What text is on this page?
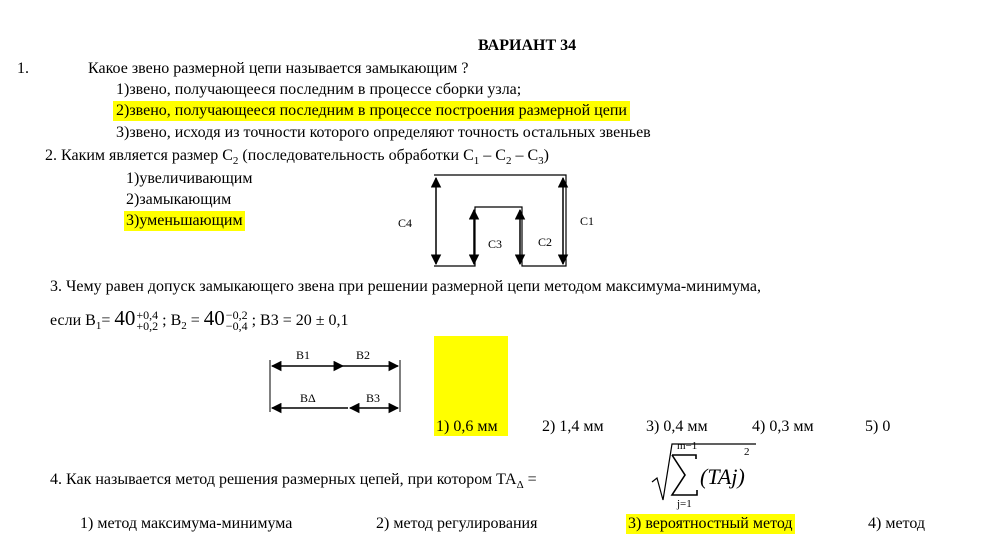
ВАРИАНТ 34
1.	Какое звено размерной цепи называется замыкающим ?
1)звено, получающееся последним в процессе сборки узла;
2)звено, получающееся последним в процессе построения размерной цепи
3)звено, исходя из точности которого определяют точность остальных звеньев
2. Каким является размер $С_2$ (последовательность обработки $С_1 - С_2 - С_3$)
1)увеличивающим
2)замыкающим
3)уменьшающим	С4
С3	С2
С1
3. Чему равен допуск замыкающего звена при решении размерной цепи методом максимума-минимума,
если $В_1= 40+0,4$
+0,2 ; $В_2 = 40-0,2$
−0,4 ; В3 = 20 ± 0,1
В1	В2
ВΔ	В3
1) 0,6 мм	2) 1,4 мм	3) 0,4 мм	4) 0,3 мм	5) 0
4. Как называется метод решения размерных цепей, при котором $ТА_\Delta$ =
m−1
j=1
(TAj)
2
1) метод максимума-минимума	2) метод регулирования	3) вероятностный метод	4) метод
